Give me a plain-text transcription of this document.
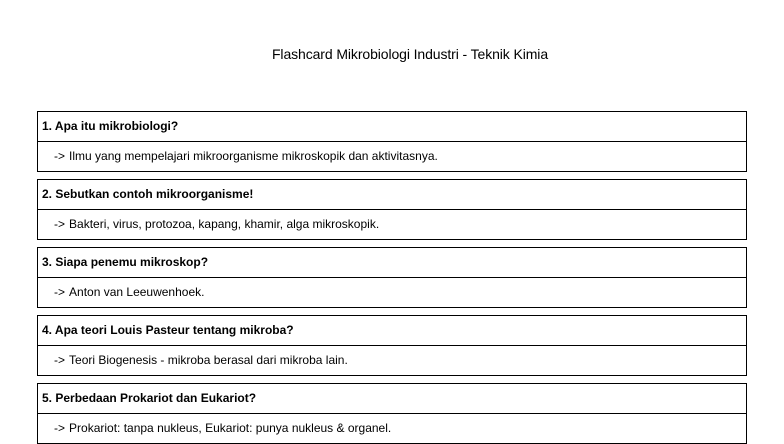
Flashcard Mikrobiologi Industri - Teknik Kimia
1. Apa itu mikrobiologi?
-> Ilmu yang mempelajari mikroorganisme mikroskopik dan aktivitasnya.
2. Sebutkan contoh mikroorganisme!
-> Bakteri, virus, protozoa, kapang, khamir, alga mikroskopik.
3. Siapa penemu mikroskop?
-> Anton van Leeuwenhoek.
4. Apa teori Louis Pasteur tentang mikroba?
-> Teori Biogenesis - mikroba berasal dari mikroba lain.
5. Perbedaan Prokariot dan Eukariot?
-> Prokariot: tanpa nukleus, Eukariot: punya nukleus & organel.
